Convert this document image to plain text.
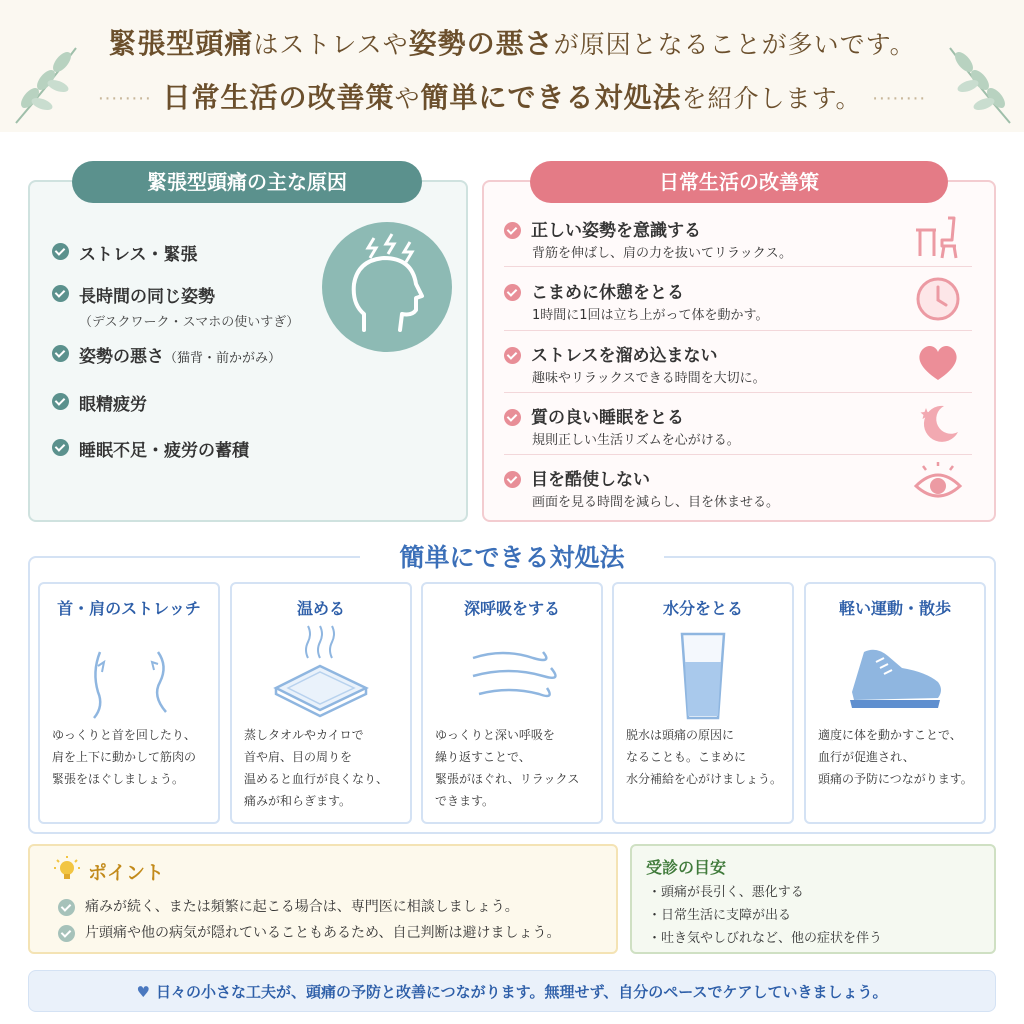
緊張型頭痛はストレスや姿勢の悪さが原因となることが多いです。
········ 日常生活の改善策や簡単にできる対処法を紹介します。 ········
緊張型頭痛の主な原因
ストレス・緊張
長時間の同じ姿勢
（デスクワーク・スマホの使いすぎ）
姿勢の悪さ（猫背・前かがみ）
眼精疲労
睡眠不足・疲労の蓄積
日常生活の改善策
正しい姿勢を意識する
背筋を伸ばし、肩の力を抜いてリラックス。
こまめに休憩をとる
1時間に1回は立ち上がって体を動かす。
ストレスを溜め込まない
趣味やリラックスできる時間を大切に。
質の良い睡眠をとる
規則正しい生活リズムを心がける。
目を酷使しない
画面を見る時間を減らし、目を休ませる。
簡単にできる対処法
首・肩のストレッチ
ゆっくりと首を回したり、
肩を上下に動かして筋肉の
緊張をほぐしましょう。
温める
蒸しタオルやカイロで
首や肩、目の周りを
温めると血行が良くなり、
痛みが和らぎます。
深呼吸をする
ゆっくりと深い呼吸を
繰り返すことで、
緊張がほぐれ、リラックス
できます。
水分をとる
脱水は頭痛の原因に
なることも。こまめに
水分補給を心がけましょう。
軽い運動・散歩
適度に体を動かすことで、
血行が促進され、
頭痛の予防につながります。
ポイント
痛みが続く、または頻繁に起こる場合は、専門医に相談しましょう。
片頭痛や他の病気が隠れていることもあるため、自己判断は避けましょう。
受診の目安
・頭痛が長引く、悪化する
・日常生活に支障が出る
・吐き気やしびれなど、他の症状を伴う
♥ 日々の小さな工夫が、頭痛の予防と改善につながります。無理せず、自分のペースでケアしていきましょう。
